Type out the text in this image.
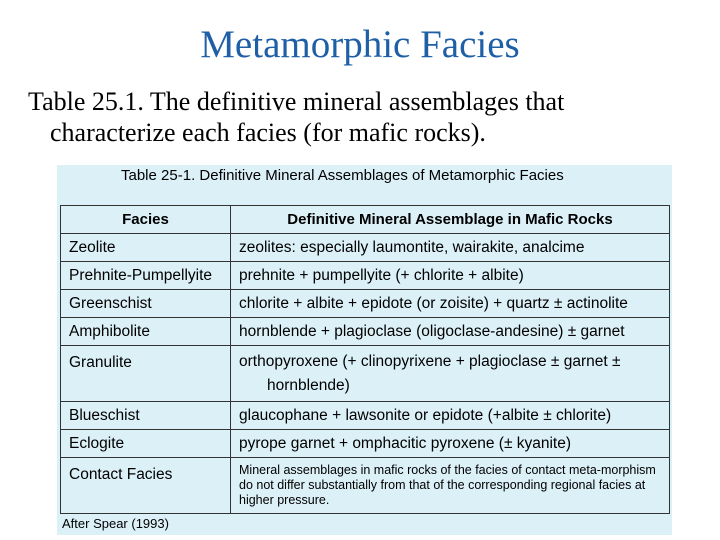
Metamorphic Facies
Table 25.1. The definitive mineral assemblages that
characterize each facies (for mafic rocks).
Table 25-1. Definitive Mineral Assemblages of Metamorphic Facies
Facies	Definitive Mineral Assemblage in Mafic Rocks
Zeolite	zeolites: especially laumontite, wairakite, analcime
Prehnite-Pumpellyite	prehnite + pumpellyite (+ chlorite + albite)
Greenschist	chlorite + albite + epidote (or zoisite) + quartz ± actinolite
Amphibolite	hornblende + plagioclase (oligoclase-andesine) ± garnet
Granulite	orthopyroxene (+ clinopyrixene + plagioclase ± garnet ±
hornblende)

Blueschist	glaucophane + lawsonite or epidote (+albite ± chlorite)
Eclogite	pyrope garnet + omphacitic pyroxene (± kyanite)
Contact Facies	Mineral assemblages in mafic rocks of the facies of contact meta-morphism do not differ substantially from that of the corresponding regional facies at higher pressure.
After Spear (1993)
